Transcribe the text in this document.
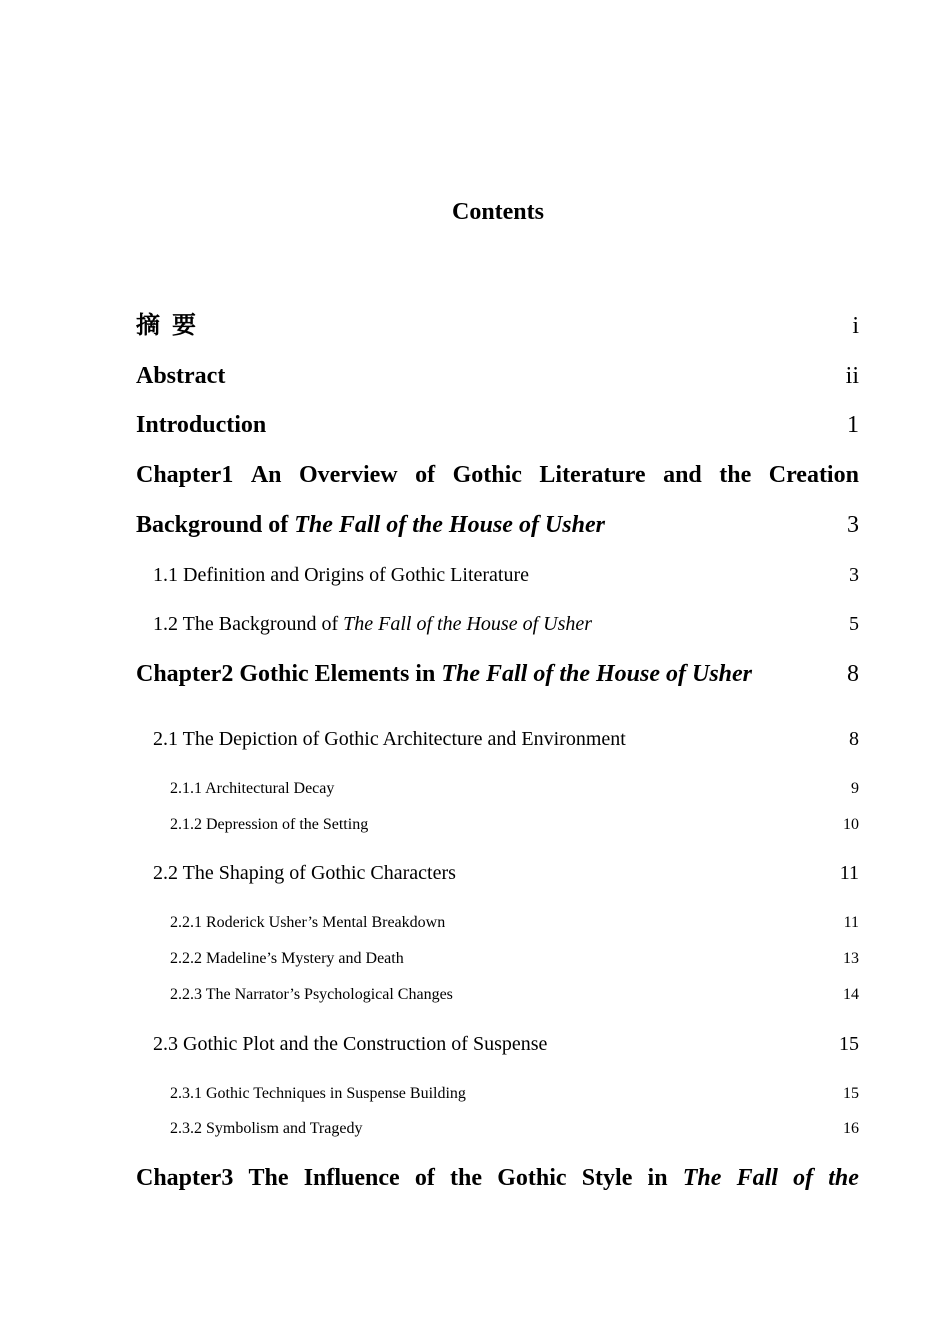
Contents
摘  要	i
Abstract	ii
Introduction	1
Chapter1 An Overview of Gothic Literature and the Creation
Background of The Fall of the House of Usher	3
1.1 Definition and Origins of Gothic Literature	3
1.2 The Background of The Fall of the House of Usher	5
Chapter2 Gothic Elements in The Fall of the House of Usher	8
2.1 The Depiction of Gothic Architecture and Environment	8
2.1.1 Architectural Decay	9
2.1.2 Depression of the Setting	10
2.2 The Shaping of Gothic Characters	11
2.2.1 Roderick Usher’s Mental Breakdown	11
2.2.2 Madeline’s Mystery and Death	13
2.2.3 The Narrator’s Psychological Changes	14
2.3 Gothic Plot and the Construction of Suspense	15
2.3.1 Gothic Techniques in Suspense Building	15
2.3.2 Symbolism and Tragedy	16
Chapter3 The Influence of the Gothic Style in The Fall of the
